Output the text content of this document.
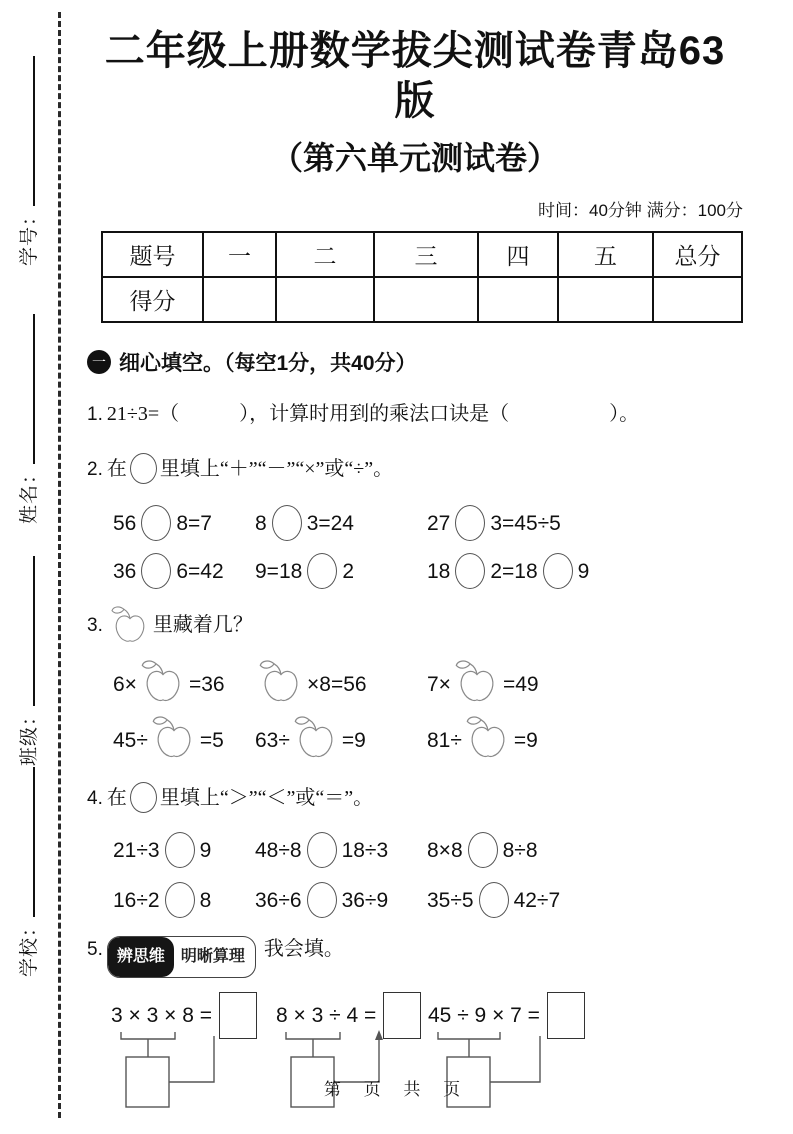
学号：
姓名：
班级：
学校：
二年级上册数学拔尖测试卷青岛63版
（第六单元测试卷）
时间：40分钟 满分：100分
题号	一	二	三	四	五	总分
得分						
一 细心填空。（每空1分，共40分）
1. 21÷3=（　　　），计算时用到的乘法口诀是（　　　　　）。
2. 在 里填上“＋”“－”“×”或“÷”。
56 8=7	8 3=24	27 3=45÷5
36 6=42	9=18 2	18 2=18 9
3.	里藏着几？
6× =36	×8=56	7× =49
45÷ =5	63÷ =9	81÷ =9
4. 在 里填上“＞”“＜”或“＝”。
21÷3 9	48÷8 18÷3	8×8 8÷8
16÷2 8	36÷6 36÷9	35÷5 42÷7
5. 辨思维	明晰算理 我会填。
3 × 3 × 8 =	8 × 3 ÷ 4 = 45 ÷ 9 × 7 =
第 页 共 页
